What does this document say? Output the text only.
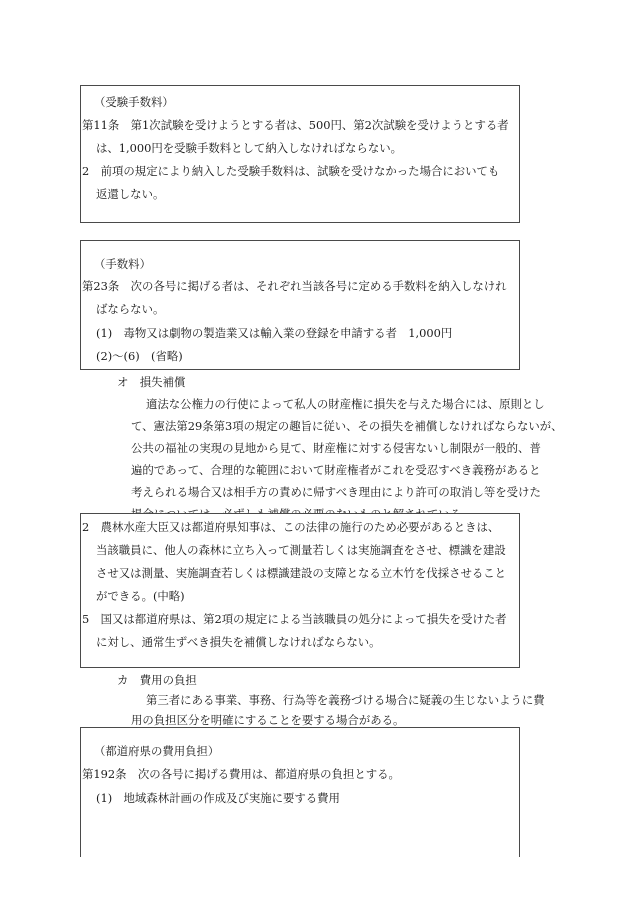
（受験手数料）
第11条　第1次試験を受けようとする者は、500円、第2次試験を受けようとする者
は、1,000円を受験手数料として納入しなければならない。
2　前項の規定により納入した受験手数料は、試験を受けなかった場合においても
返還しない。
（手数料）
第23条　次の各号に掲げる者は、それぞれ当該各号に定める手数料を納入しなけれ
ばならない。
(1)　毒物又は劇物の製造業又は輸入業の登録を申請する者　1,000円
(2)～(6)　(省略)
オ　損失補償
適法な公権力の行使によって私人の財産権に損失を与えた場合には、原則とし
て、憲法第29条第3項の規定の趣旨に従い、その損失を補償しなければならないが、
公共の福祉の実現の見地から見て、財産権に対する侵害ないし制限が一般的、普
遍的であって、合理的な範囲において財産権者がこれを受忍すべき義務があると
考えられる場合又は相手方の責めに帰すべき理由により許可の取消し等を受けた
2　農林水産大臣又は都道府県知事は、この法律の施行のため必要があるときは、
当該職員に、他人の森林に立ち入って測量若しくは実施調査をさせ、標識を建設
させ又は測量、実施調査若しくは標識建設の支障となる立木竹を伐採させること
ができる。(中略)
5　国又は都道府県は、第2項の規定による当該職員の処分によって損失を受けた者
に対し、通常生ずべき損失を補償しなければならない。
カ　費用の負担
第三者にある事業、事務、行為等を義務づける場合に疑義の生じないように費
用の負担区分を明確にすることを要する場合がある。
（都道府県の費用負担）
第192条　次の各号に掲げる費用は、都道府県の負担とする。
(1)　地域森林計画の作成及び実施に要する費用
